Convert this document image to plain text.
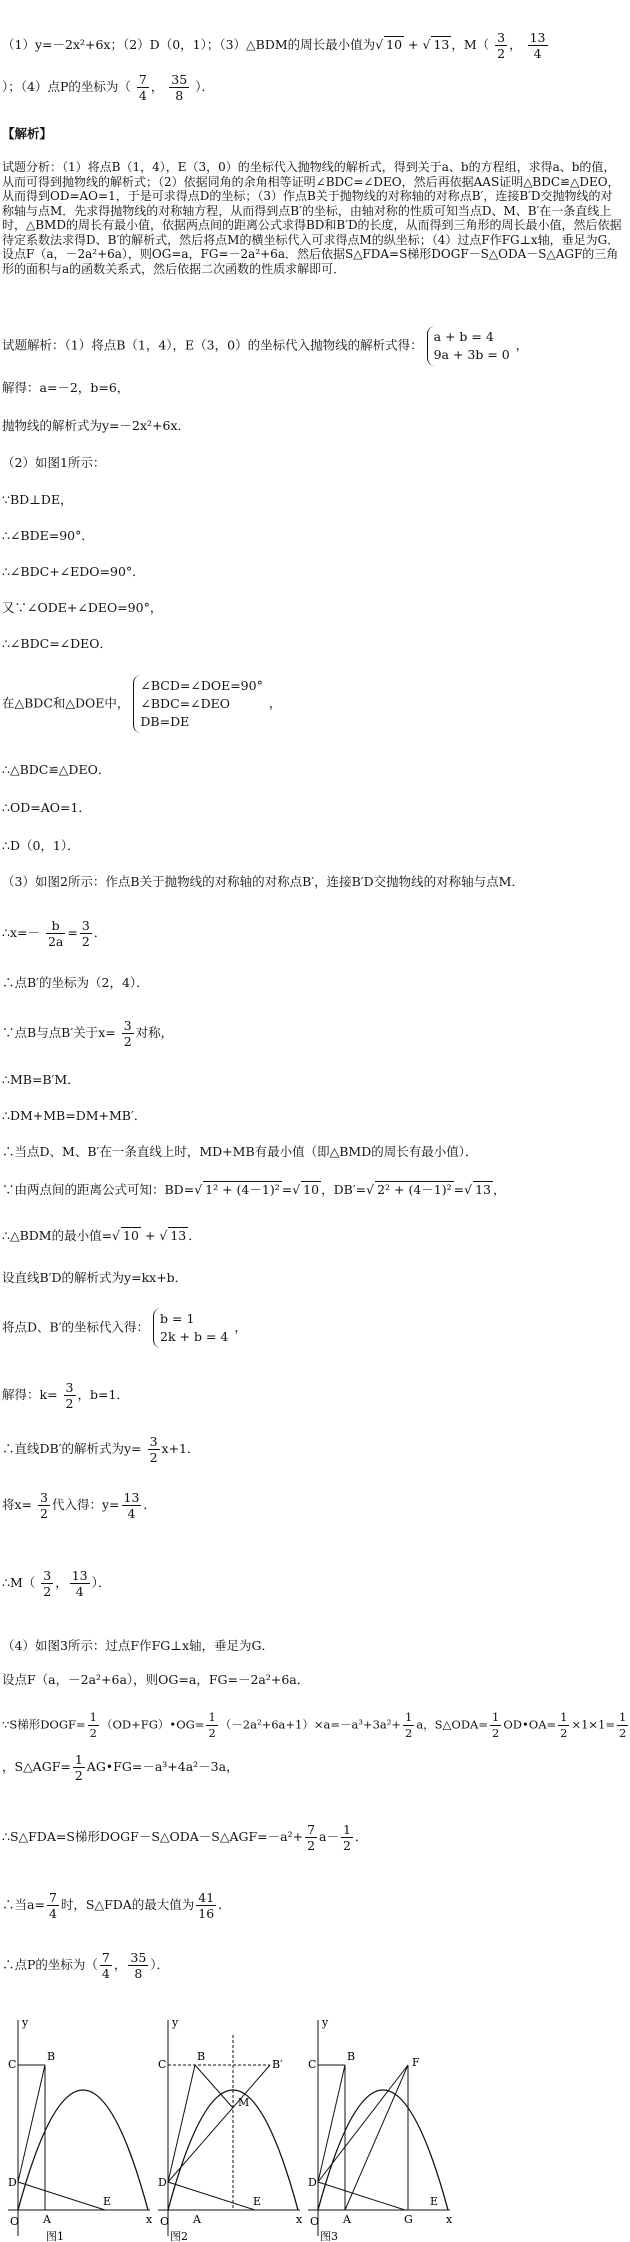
（1）y=－2x²+6x；（2）D（0，1）；（3）△BDM的周长最小值为√ 10 + √ 13 ，$M( \frac{3}{2}$ ， $\frac{13}{4}$
）；（4）点P的坐标为（ $\frac{7}{4}$ ， $\frac{35}{8}$ ）．
【解析】
试题分析：（1）将点B（1，4），E（3，0）的坐标代入抛物线的解析式，得到关于a、b的方程组，求得a、b的值，从而可得到抛物线的解析式；（2）依据同角的余角相等证明∠BDC=∠DEO，然后再依据AAS证明△BDC≌△DEO，从而得到OD=AO=1，于是可求得点D的坐标；（3）作点B关于抛物线的对称轴的对称点B′，连接B′D交抛物线的对称轴与点M．先求得抛物线的对称轴方程，从而得到点B′的坐标，由轴对称的性质可知当点D、M、B′在一条直线上时，△BMD的周长有最小值，依据两点间的距离公式求得BD和B′D的长度，从而得到三角形的周长最小值，然后依据待定系数法求得D、B′的解析式，然后将点M的横坐标代入可求得点M的纵坐标；（4）过点F作FG⊥x轴，垂足为G．设点F（a，－2a²+6a），则OG=a，FG=－2a²+6a．然后依据S△FDA=S梯形DOGF－S△ODA－S△AGF的三角形的面积与a的函数关系式，然后依据二次函数的性质求解即可．
试题解析：（1）将点B（1，4），E（3，0）的坐标代入抛物线的解析式得：
a + b = 4
9a + 3b = 0
，
解得：a=－2，b=6，
抛物线的解析式为y=－2x²+6x．
（2）如图1所示：
∵BD⊥DE，
∴∠BDE=90°．
∴∠BDC+∠EDO=90°．
又∵∠ODE+∠DEO=90°，
∴∠BDC=∠DEO．
在△BDC和△DOE中，
∠BCD=∠DOE=90°
∠BDC=∠DEO
DB=DE
，
∴△BDC≌△DEO．
∴OD=AO=1．
∴D（0，1）．
（3）如图2所示：作点B关于抛物线的对称轴的对称点B′，连接B′D交抛物线的对称轴与点M．
∴x=－ $\frac{b}{2a} = \frac{3}{2}$ ．
∴点B′的坐标为（2，4）．
∵点B与点B′关于$x= \frac{3}{2}$ 对称，
∴MB=B′M．
∴DM+MB=DM+MB′．
∴当点D、M、B′在一条直线上时，MD+MB有最小值（即△BMD的周长有最小值）．
∵由两点间的距离公式可知：BD=√ 1² + (4－1)² =√ 10 ，DB′=√ 2² + (4－1)² =√ 13 ，
∴△BDM的最小值=√ 10 + √ 13 ．
设直线B′D的解析式为y=kx+b．
将点D、B′的坐标代入得：
b = 1
2k + b = 4
，
解得：$k= \frac{3}{2}$ ，b=1．
∴直线DB′的解析式为$y= \frac{3}{2} x+1$．
将$x= \frac{3}{2}$ 代入得：$y= \frac{13}{4}$ ．
∴M（ $\frac{3}{2}$ ， $\frac{13}{4}$ ）．
（4）如图3所示：过点F作FG⊥x轴，垂足为G．
设点F（a，－2a²+6a），则OG=a，FG=－2a²+6a．
∵S梯形DOGF= $\frac{1}{2}$ （OD+FG）•OG= $\frac{1}{2} (-2a^2+6a+1)\times a=-a^3+3a^2+ \frac{1}{2}$ a，S△ODA= $\frac{1}{2}$ OD•OA= $\frac{1}{2} \times 1\times 1= \frac{1}{2}$
，S△AGF= $\frac{1}{2}$ AG•FG=－a³+4a²－3a，
∴S△FDA=S梯形DOGF－S△ODA－S△AGF=－a²+ $\frac{7}{2} a- \frac{1}{2}$ ．
∴当$a= \frac{7}{4}$ 时，S△FDA的最大值为 $\frac{41}{16}$ ．
∴点P的坐标为（ $\frac{7}{4}$ ， $\frac{35}{8}$ ）．
O
C
B
D
A
E
x
y
图1
O
C
B
B′
M
D
A
E
x
y
图2
O
C
B	F
D
A	G
E
x
y
图3
